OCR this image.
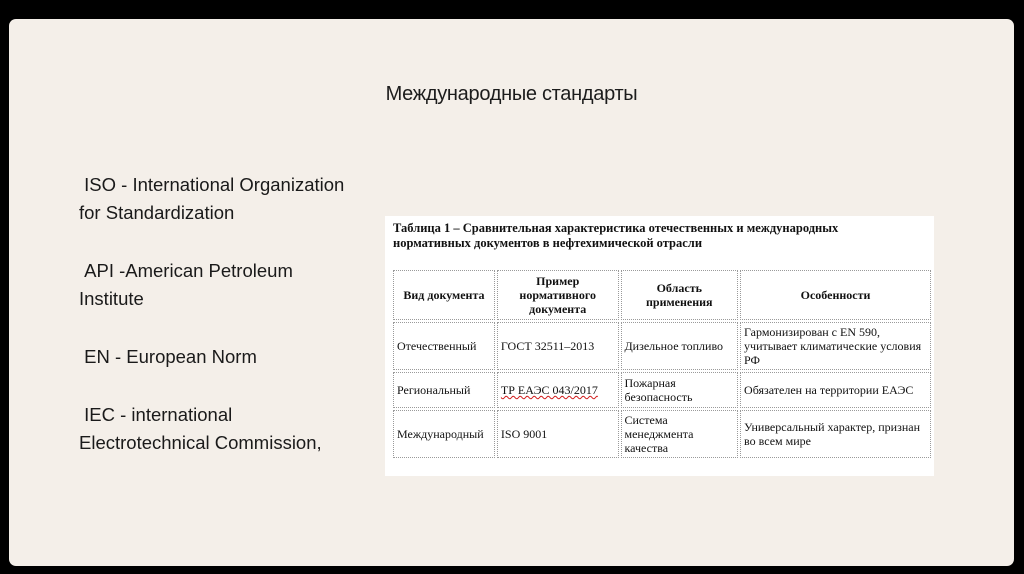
Международные стандарты
ISO - International Organization
for Standardization
API -American Petroleum
Institute
EN - European Norm
IEC - international
Electrotechnical Commission,
Таблица 1 – Сравнительная характеристика отечественных и международных нормативных документов в нефтехимической отрасли
Вид документа	Пример нормативного документа	Область применения	Особенности
Отечественный	ГОСТ 32511–2013	Дизельное топливо	Гармонизирован с EN 590, учитывает климатические условия РФ
Региональный	ТР ЕАЭС 043/2017	Пожарная безопасность	Обязателен на территории ЕАЭС
Международный	ISO 9001	Система менеджмента качества	Универсальный характер, признан во всем мире
